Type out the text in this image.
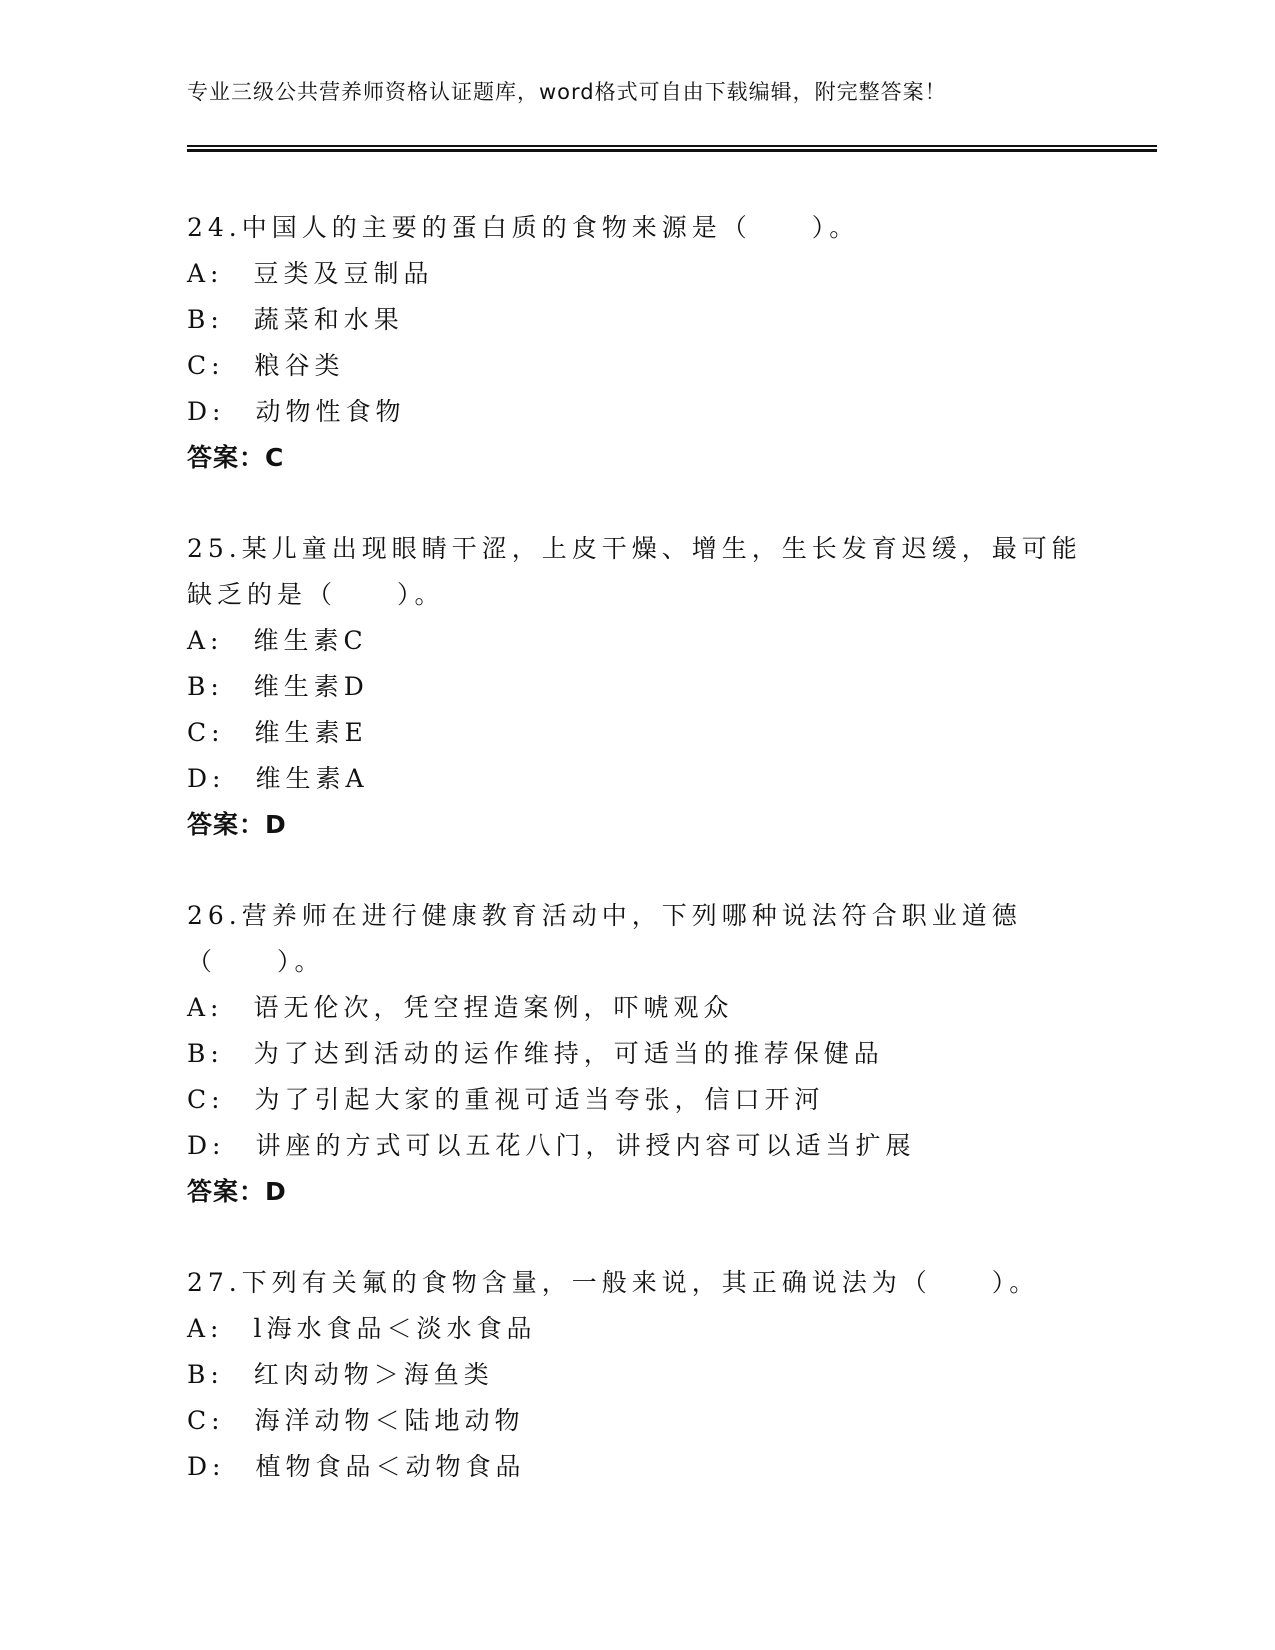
专业三级公共营养师资格认证题库，word格式可自由下载编辑，附完整答案！
24.中国人的主要的蛋白质的食物来源是（　　）。
A:　豆类及豆制品
B:　蔬菜和水果
C:　粮谷类
D:　动物性食物
答案：C
25.某儿童出现眼睛干涩，上皮干燥、增生，生长发育迟缓，最可能缺乏的是（　　）。
A:　维生素C
B:　维生素D
C:　维生素E
D:　维生素A
答案：D
26.营养师在进行健康教育活动中，下列哪种说法符合职业道德（　　）。
A:　语无伦次，凭空捏造案例，吓唬观众
B:　为了达到活动的运作维持，可适当的推荐保健品
C:　为了引起大家的重视可适当夸张，信口开河
D:　讲座的方式可以五花八门，讲授内容可以适当扩展
答案：D
27.下列有关氟的食物含量，一般来说，其正确说法为（　　）。
A:　l海水食品＜淡水食品
B:　红肉动物＞海鱼类
C:　海洋动物＜陆地动物
D:　植物食品＜动物食品
